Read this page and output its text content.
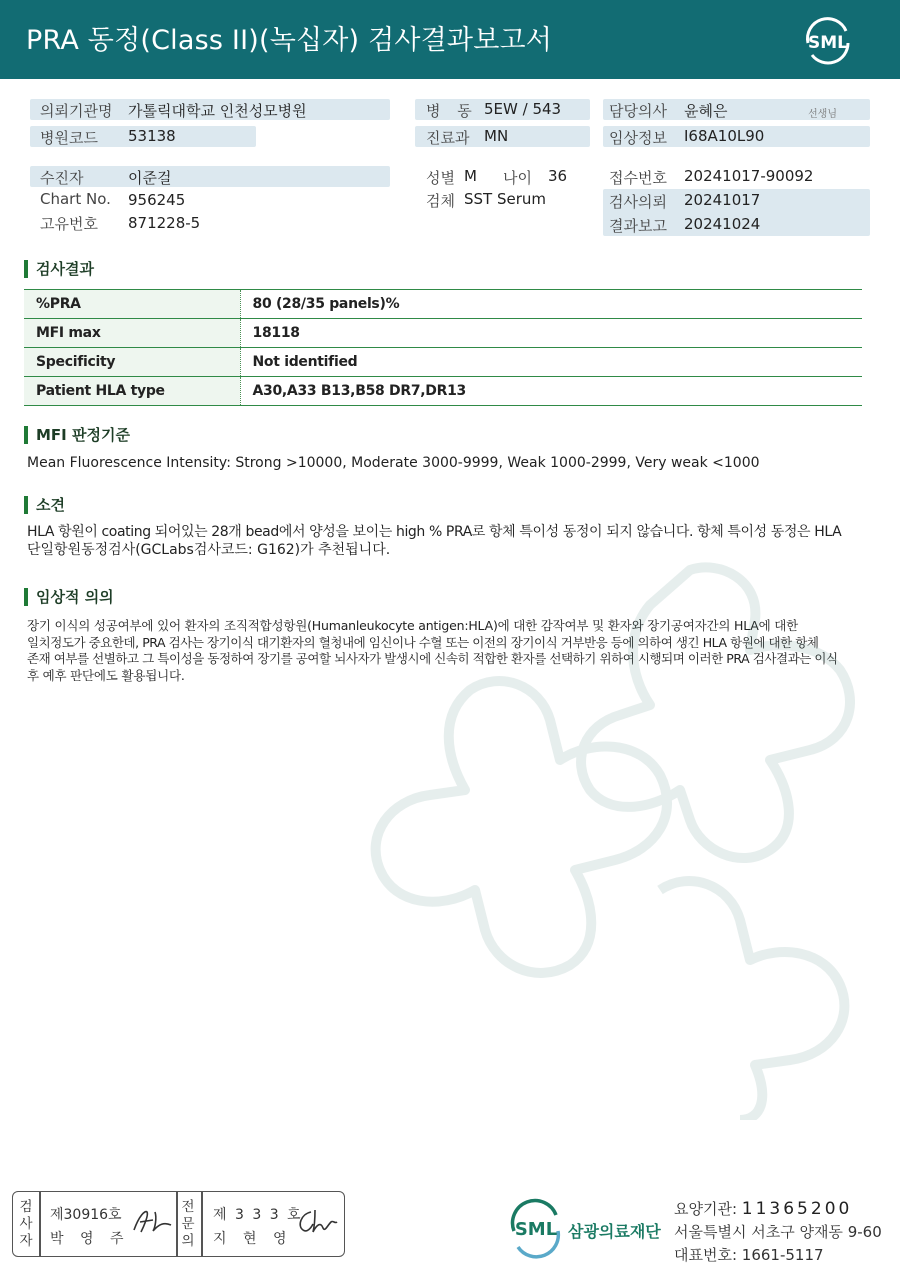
PRA 동정(Class II)(녹십자) 검사결과보고서	SML
의뢰기관명 가톨릭대학교 인천성모병원	병 동 5EW / 543	담당의사 윤혜은	선생님
병원코드 53138	진료과 MN	임상정보 I68A10L90
수진자	이준걸	성별 M 나이 36	접수번호 20241017-90092
Chart No. 956245	검체 SST Serum	검사의뢰 20241017
고유번호 871228-5	결과보고 20241024
검사결과
%PRA	80 (28/35 panels)%
MFI max	18118
Specificity	Not identified
Patient HLA type	A30,A33 B13,B58 DR7,DR13
MFI 판정기준
Mean Fluorescence Intensity: Strong >10000, Moderate 3000-9999, Weak 1000-2999, Very weak <1000
소견
HLA 항원이 coating 되어있는 28개 bead에서 양성을 보이는 high % PRA로 항체 특이성 동정이 되지 않습니다. 항체 특이성 동정은 HLA
단일항원동정검사(GCLabs검사코드: G162)가 추천됩니다.
임상적 의의
장기 이식의 성공여부에 있어 환자의 조직적합성항원(Humanleukocyte antigen:HLA)에 대한 감작여부 및 환자와 장기공여자간의 HLA에 대한
일치정도가 중요한데, PRA 검사는 장기이식 대기환자의 혈청내에 임신이나 수혈 또는 이전의 장기이식 거부반응 등에 의하여 생긴 HLA 항원에 대한 항체
존재 여부를 선별하고 그 특이성을 동정하여 장기를 공여할 뇌사자가 발생시에 신속히 적합한 환자를 선택하기 위하여 시행되며 이러한 PRA 검사결과는 이식
후 예후 판단에도 활용됩니다.
검사자
제30916호
박 영 주
전문의
제 3 3 3 호
지 현 영	SML 삼광의료재단
요양기관: 11365200
서울특별시 서초구 양재동 9-60
대표번호: 1661-5117
